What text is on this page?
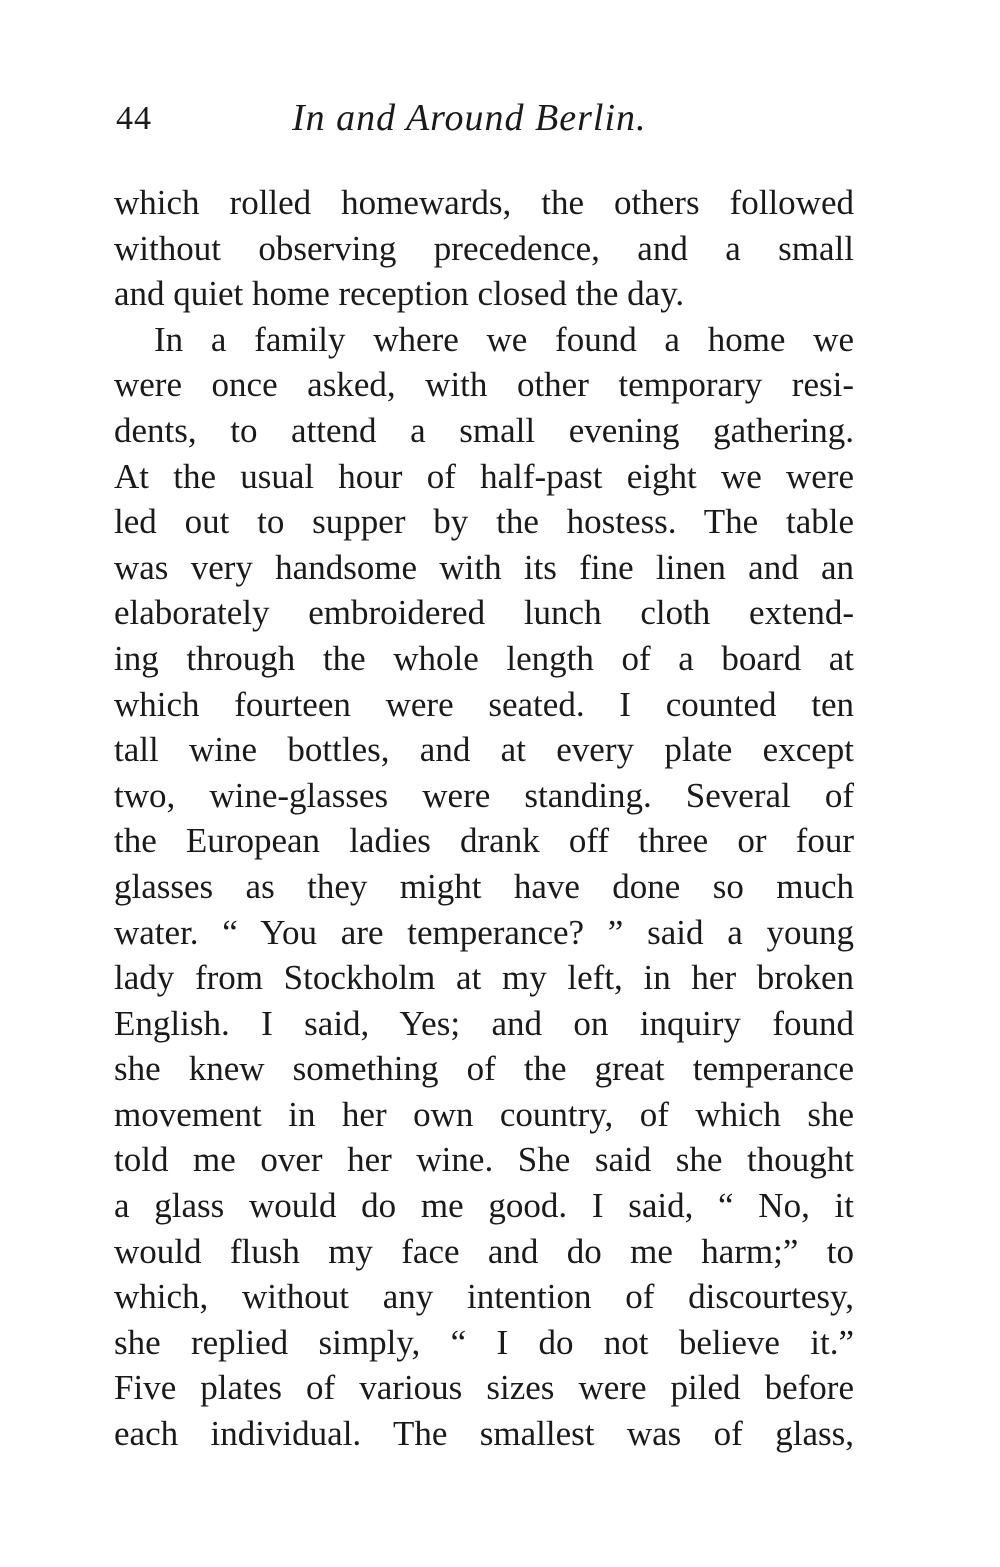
44	In and Around Berlin.
which rolled homewards, the others followed
without observing precedence, and a small
and quiet home reception closed the day.
In a family where we found a home we
were once asked, with other temporary resi-
dents, to attend a small evening gathering.
At the usual hour of half-past eight we were
led out to supper by the hostess. The table
was very handsome with its fine linen and an
elaborately embroidered lunch cloth extend-
ing through the whole length of a board at
which fourteen were seated. I counted ten
tall wine bottles, and at every plate except
two, wine-glasses were standing. Several of
the European ladies drank off three or four
glasses as they might have done so much
water. “ You are temperance? ” said a young
lady from Stockholm at my left, in her broken
English. I said, Yes; and on inquiry found
she knew something of the great temperance
movement in her own country, of which she
told me over her wine. She said she thought
a glass would do me good. I said, “ No, it
would flush my face and do me harm;” to
which, without any intention of discourtesy,
she replied simply, “ I do not believe it.”
Five plates of various sizes were piled before
each individual. The smallest was of glass,
